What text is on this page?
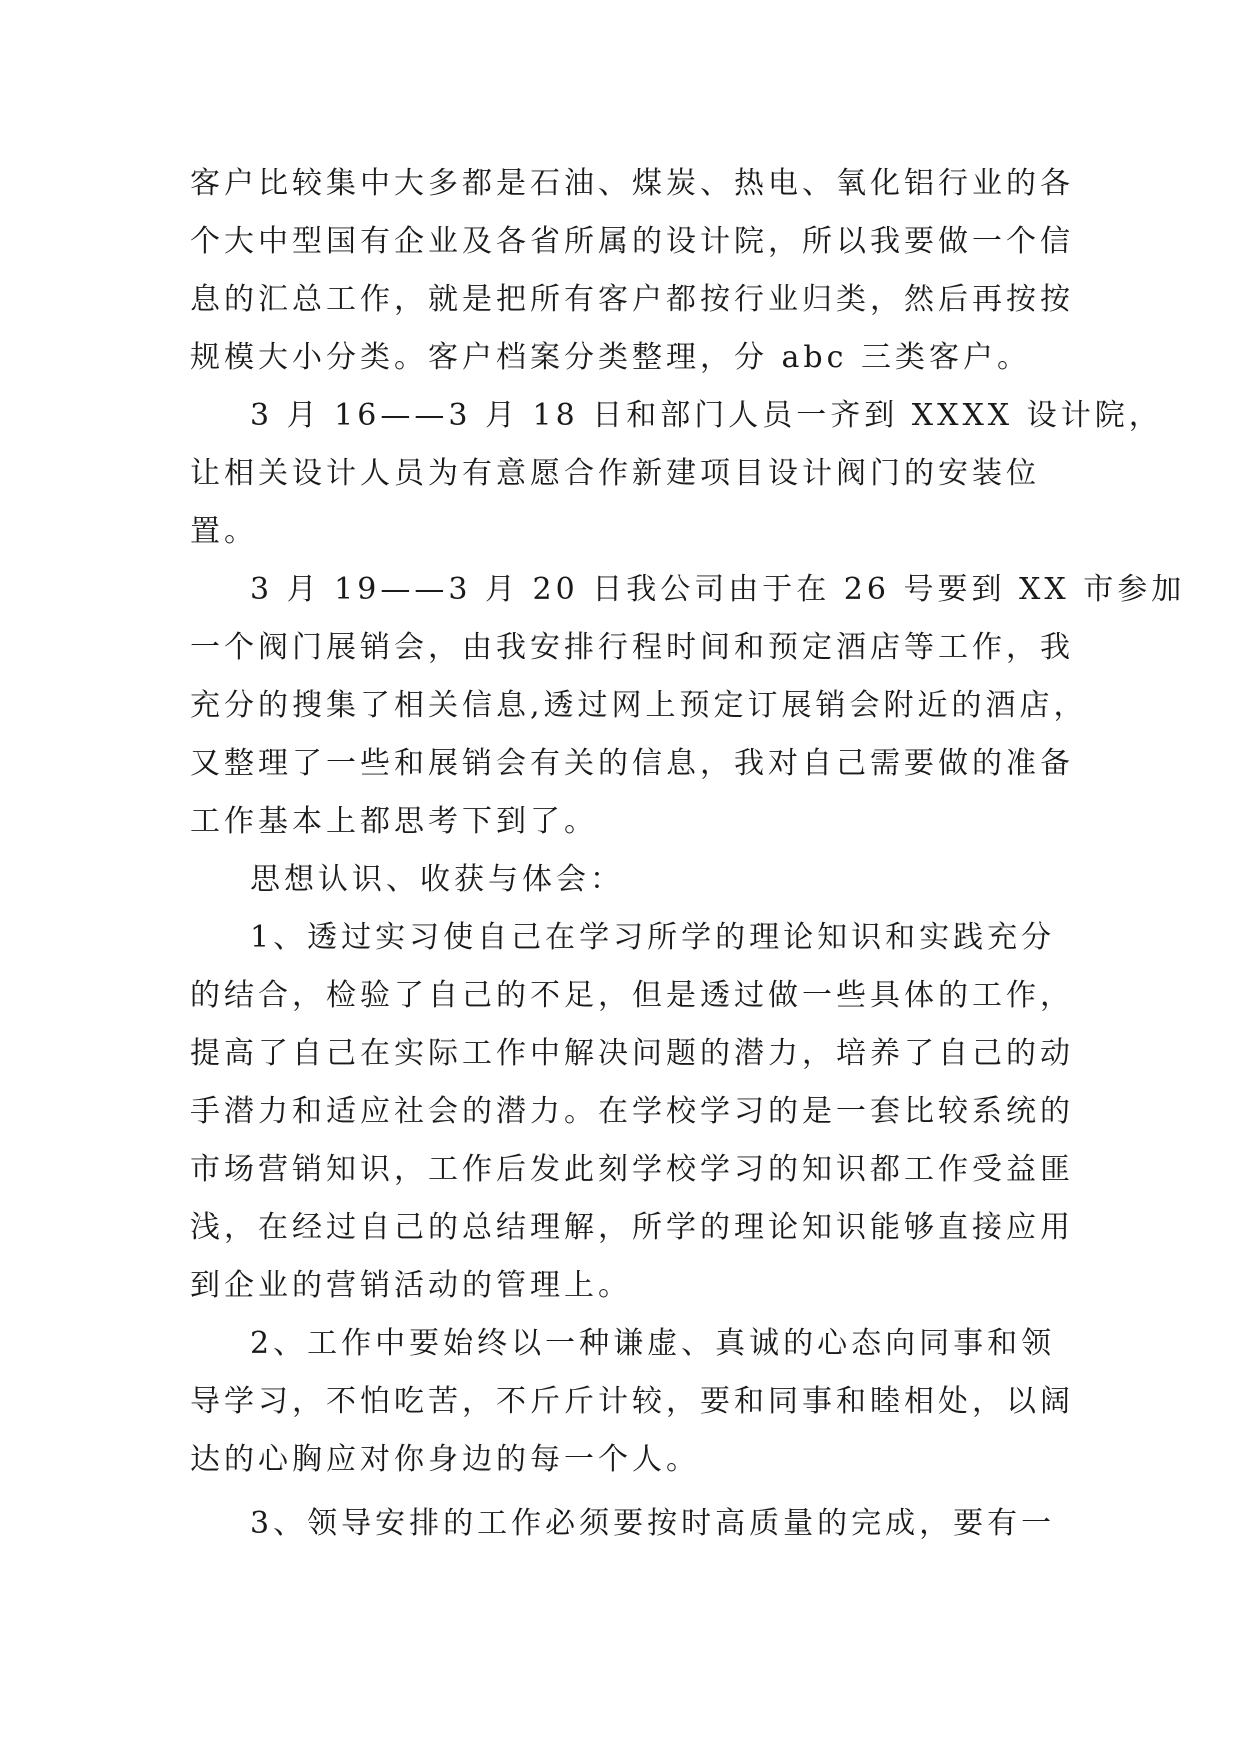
客户比较集中大多都是石油、煤炭、热电、氧化铝行业的各
个大中型国有企业及各省所属的设计院，所以我要做一个信
息的汇总工作，就是把所有客户都按行业归类，然后再按按
规模大小分类。客户档案分类整理，分 abc 三类客户。
3 月 16——3 月 18 日和部门人员一齐到 XXXX 设计院，
让相关设计人员为有意愿合作新建项目设计阀门的安装位
置。
3 月 19——3 月 20 日我公司由于在 26 号要到 XX 市参加
一个阀门展销会，由我安排行程时间和预定酒店等工作，我
充分的搜集了相关信息,透过网上预定订展销会附近的酒店，
又整理了一些和展销会有关的信息，我对自己需要做的准备
工作基本上都思考下到了。
思想认识、收获与体会：
1、透过实习使自己在学习所学的理论知识和实践充分
的结合，检验了自己的不足，但是透过做一些具体的工作，
提高了自己在实际工作中解决问题的潜力，培养了自己的动
手潜力和适应社会的潜力。在学校学习的是一套比较系统的
市场营销知识，工作后发此刻学校学习的知识都工作受益匪
浅，在经过自己的总结理解，所学的理论知识能够直接应用
到企业的营销活动的管理上。
2、工作中要始终以一种谦虚、真诚的心态向同事和领
导学习，不怕吃苦，不斤斤计较，要和同事和睦相处，以阔
达的心胸应对你身边的每一个人。
3、领导安排的工作必须要按时高质量的完成，要有一
